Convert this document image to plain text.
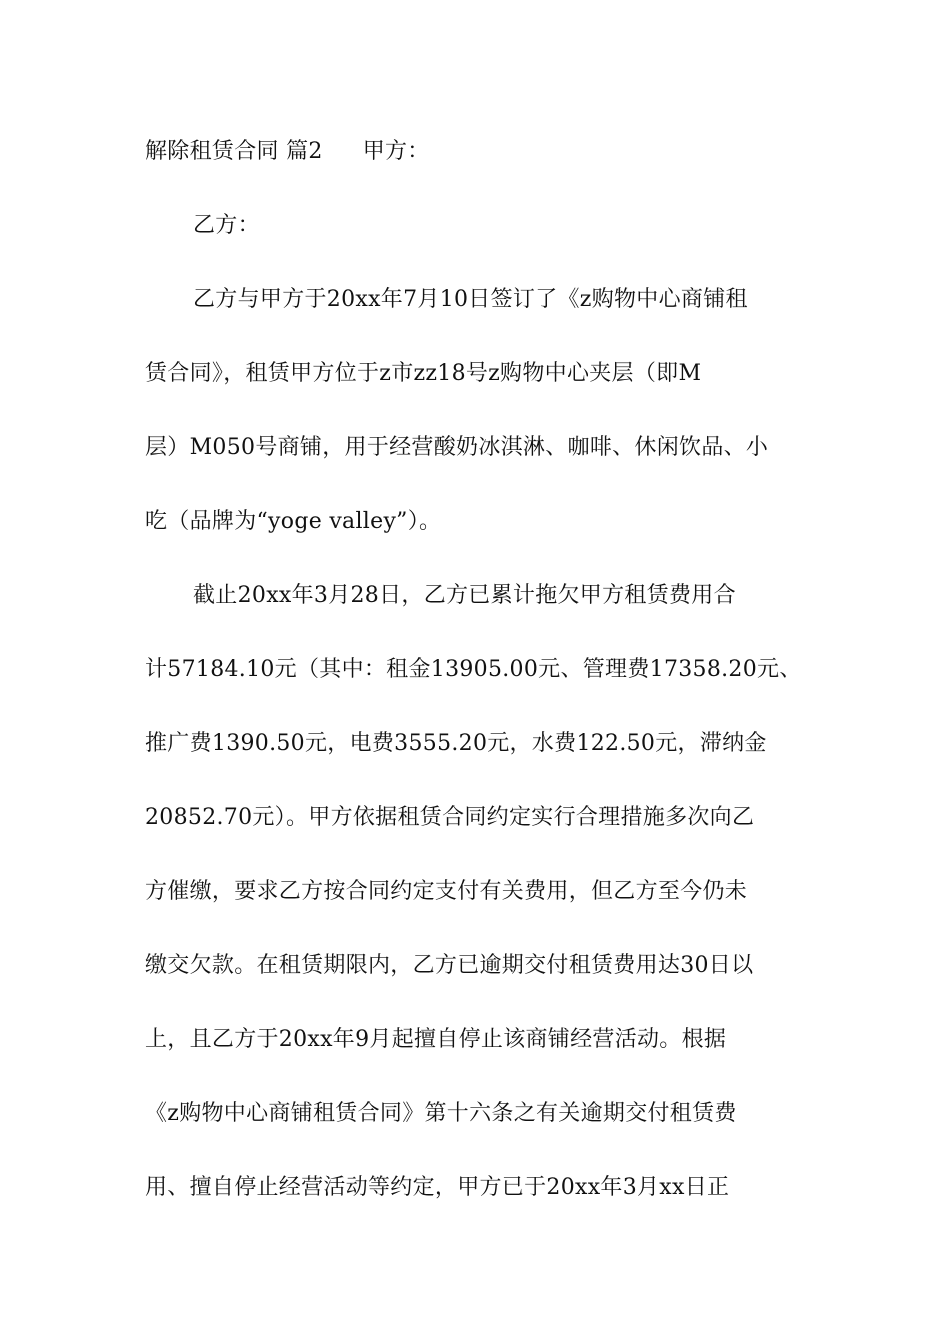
解除租赁合同 篇2 甲方：
乙方：
乙方与甲方于20xx年7月10日签订了《z购物中心商铺租
赁合同》，租赁甲方位于z市zz18号z购物中心夹层（即M
层）M050号商铺，用于经营酸奶冰淇淋、咖啡、休闲饮品、小
吃（品牌为“yoge valley”）。
截止20xx年3月28日，乙方已累计拖欠甲方租赁费用合
计57184.10元（其中：租金13905.00元、管理费17358.20元、
推广费1390.50元，电费3555.20元，水费122.50元，滞纳金
20852.70元）。甲方依据租赁合同约定实行合理措施多次向乙
方催缴，要求乙方按合同约定支付有关费用，但乙方至今仍未
缴交欠款。在租赁期限内，乙方已逾期交付租赁费用达30日以
上，且乙方于20xx年9月起擅自停止该商铺经营活动。根据
《z购物中心商铺租赁合同》第十六条之有关逾期交付租赁费
用、擅自停止经营活动等约定，甲方已于20xx年3月xx日正
